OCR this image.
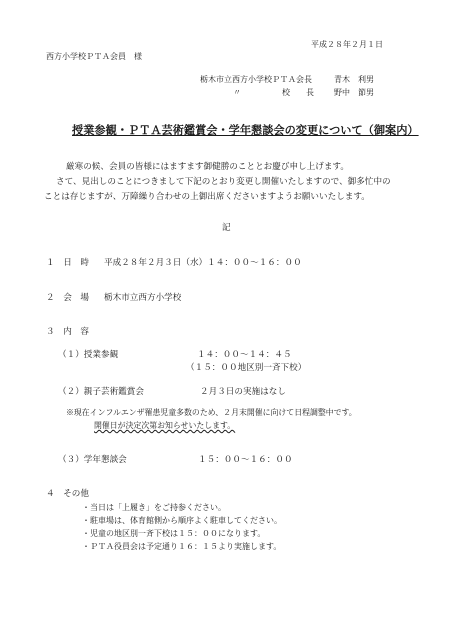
平成２８年２月１日
西方小学校ＰＴＡ会員　様
栃木市立西方小学校ＰＴＡ会長	青木　利男
〃	校　　長	野中　節男
授業参観・ＰＴＡ芸術鑑賞会・学年懇談会の変更について（御案内）
厳寒の候、会員の皆様にはますます御健勝のこととお慶び申し上げます。
さて、見出しのことにつきまして下記のとおり変更し開催いたしますので、御多忙中の
ことは存じますが、万障繰り合わせの上御出席くださいますようお願いいたします。
記
１　日　時 平成２８年２月３日（水）１４：００～１６：００
２　会　場 栃木市立西方小学校
３　内　容
（１）授業参観	１４：００～１４：４５
（１５：００地区別一斉下校）
（２）親子芸術鑑賞会	２月３日の実施はなし
※現在インフルエンザ罹患児童多数のため、２月末開催に向けて日程調整中です。
開催日が決定次第お知らせいたします。
（３）学年懇談会	１５：００～１６：００
４　その他
・当日は「上履き」をご持参ください。
・駐車場は、体育館側から順序よく駐車してください。
・児童の地区別一斉下校は１５：００になります。
・ＰＴＡ役員会は予定通り１６：１５より実施します。
